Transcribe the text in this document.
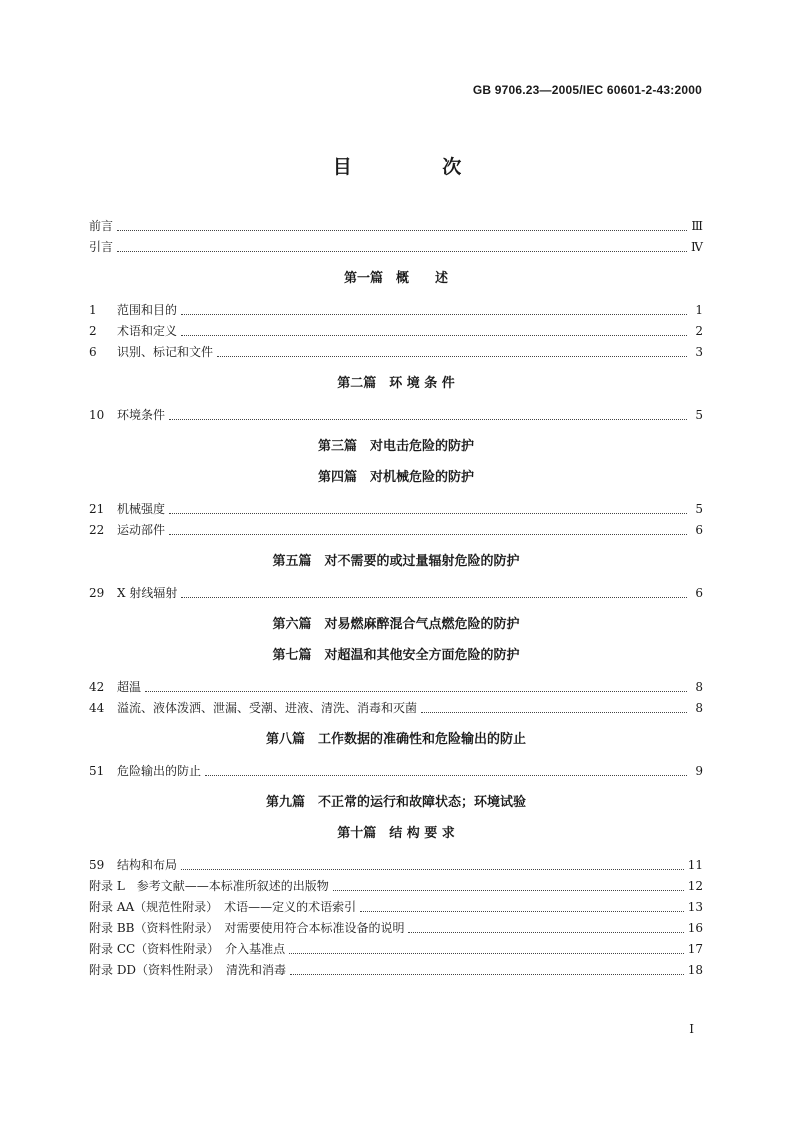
GB 9706.23—2005/IEC 60601-2-43:2000
目 次
前言	Ⅲ
引言	Ⅳ
第一篇　概　　述
1	范围和目的	1
2	术语和定义	2
6	识别、标记和文件	3
第二篇　环 境 条 件
10	环境条件	5
第三篇　对电击危险的防护
第四篇　对机械危险的防护
21	机械强度	5
22	运动部件	6
第五篇　对不需要的或过量辐射危险的防护
29	X 射线辐射	6
第六篇　对易燃麻醉混合气点燃危险的防护
第七篇　对超温和其他安全方面危险的防护
42	超温	8
44	溢流、液体泼洒、泄漏、受潮、进液、清洗、消毒和灭菌	8
第八篇　工作数据的准确性和危险输出的防止
51	危险输出的防止	9
第九篇　不正常的运行和故障状态；环境试验
第十篇　结 构 要 求
59	结构和布局	11
附录 L　参考文献——本标准所叙述的出版物	12
附录 AA（规范性附录）　术语——定义的术语索引	13
附录 BB（资料性附录）　对需要使用符合本标准设备的说明	16
附录 CC（资料性附录）　介入基准点	17
附录 DD（资料性附录）　清洗和消毒	18
Ⅰ
